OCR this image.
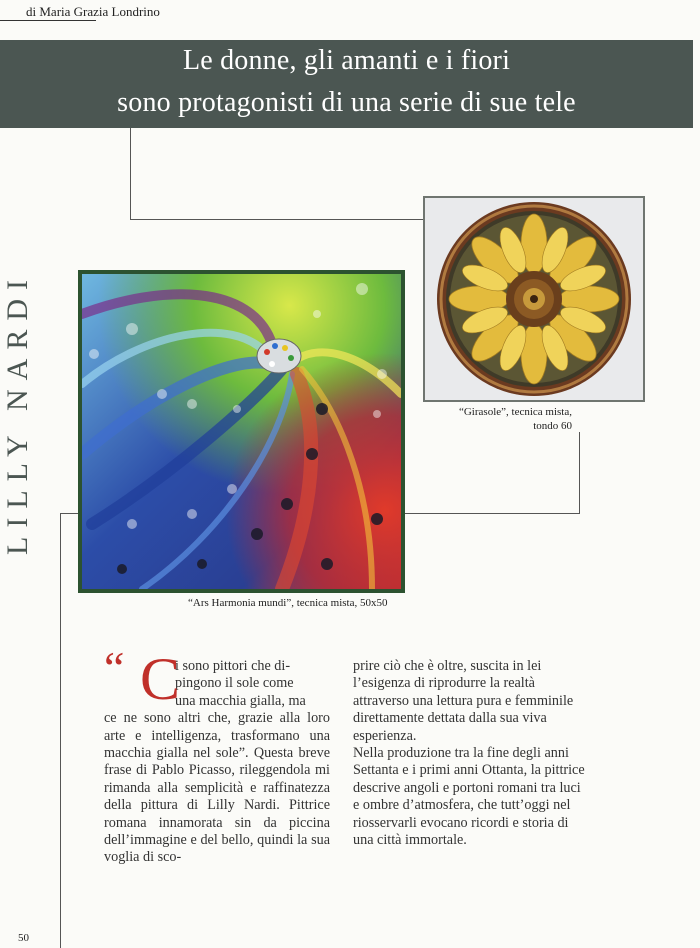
di Maria Grazia Londrino
Le donne, gli amanti e i fiori
sono protagonisti di una serie di sue tele
LILLY NARDI
“Ars Harmonia mundi”, tecnica mista, 50x50
“Girasole”, tecnica mista,
tondo 60
“ C
i sono pittori che di-
pingono il sole come
una macchia gialla, ma
ce ne sono altri che, grazie alla loro arte e intelligenza, trasformano una macchia gialla nel sole”. Questa breve frase di Pablo Picasso, rileggendola mi rimanda alla semplicità e raffinatezza della pittura di Lilly Nardi. Pittrice romana innamorata sin da piccina dell’immagine e del bello, quindi la sua voglia di sco-
prire ciò che è oltre, suscita in lei l’esigenza di riprodurre la realtà attraverso una lettura pura e femminile direttamente dettata dalla sua viva esperienza.
Nella produzione tra la fine degli anni Settanta e i primi anni Ottanta, la pittrice descrive angoli e portoni romani tra luci e ombre d’atmosfera, che tutt’oggi nel riosservarli evocano ricordi e storia di una città immortale.
50
